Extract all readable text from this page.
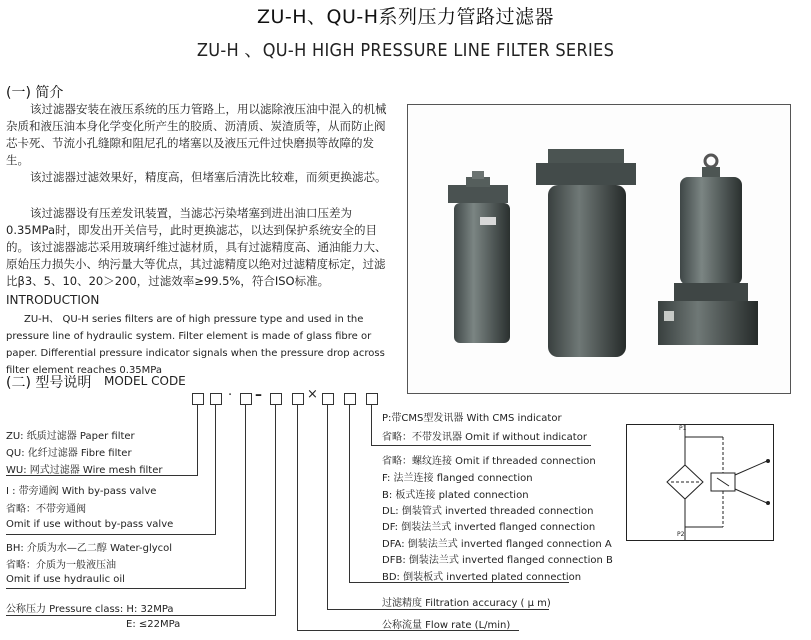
ZU-H、QU-H系列压力管路过滤器
ZU-H 、QU-H HIGH PRESSURE LINE FILTER SERIES
(一) 简介
该过滤器安装在液压系统的压力管路上，用以滤除液压油中混入的机械杂质和液压油本身化学变化所产生的胶质、沥清质、炭渣质等，从而防止阀芯卡死、节流小孔缝隙和阻尼孔的堵塞以及液压元件过快磨损等故障的发生。
该过滤器过滤效果好，精度高，但堵塞后清洗比较难，而须更换滤芯。
该过滤器设有压差发讯装置，当滤芯污染堵塞到进出油口压差为0.35MPa时，即发出开关信号，此时更换滤芯，以达到保护系统安全的目的。 该过滤器滤芯采用玻璃纤维过滤材质，具有过滤精度高、通油能力大、原始压力损失小、纳污量大等优点，其过滤精度以绝对过滤精度标定，过滤比β3、5、10、20＞200，过滤效率≥99.5%，符合ISO标准。
INTRODUCTION
ZU-H、 QU-H series filters are of high pressure type and used in the pressure line of hydraulic system. Filter element is made of glass fibre or paper. Differential pressure indicator signals when the pressure drop across filter element reaches 0.35MPa
(二) 型号说明 MODEL CODE
· –	×
ZU: 纸质过滤器 Paper filter
QU: 化纤过滤器 Fibre filter
WU: 网式过滤器 Wire mesh filter
I : 带旁通阀 With by-pass valve
省略：不带旁通阀
Omit if use without by-pass valve
BH: 介质为水—乙二醇 Water-glycol
省略：介质为一般液压油
Omit if use hydraulic oil
公称压力 Pressure class: H: 32MPa
E: ≤22MPa
P:带CMS型发讯器 With CMS indicator
省略：不带发讯器 Omit if without indicator
省略：螺纹连接 Omit if threaded connection
F: 法兰连接 flanged connection
B: 板式连接 plated connection
DL: 倒装管式 inverted threaded connection
DF: 倒装法兰式 inverted flanged connection
DFA: 倒装法兰式 inverted flanged connection A
DFB: 倒装法兰式 inverted flanged connection B
BD: 倒装板式 inverted plated connection
过滤精度 Filtration accuracy ( μ m)
公称流量 Flow rate (L/min)
P1
P2
